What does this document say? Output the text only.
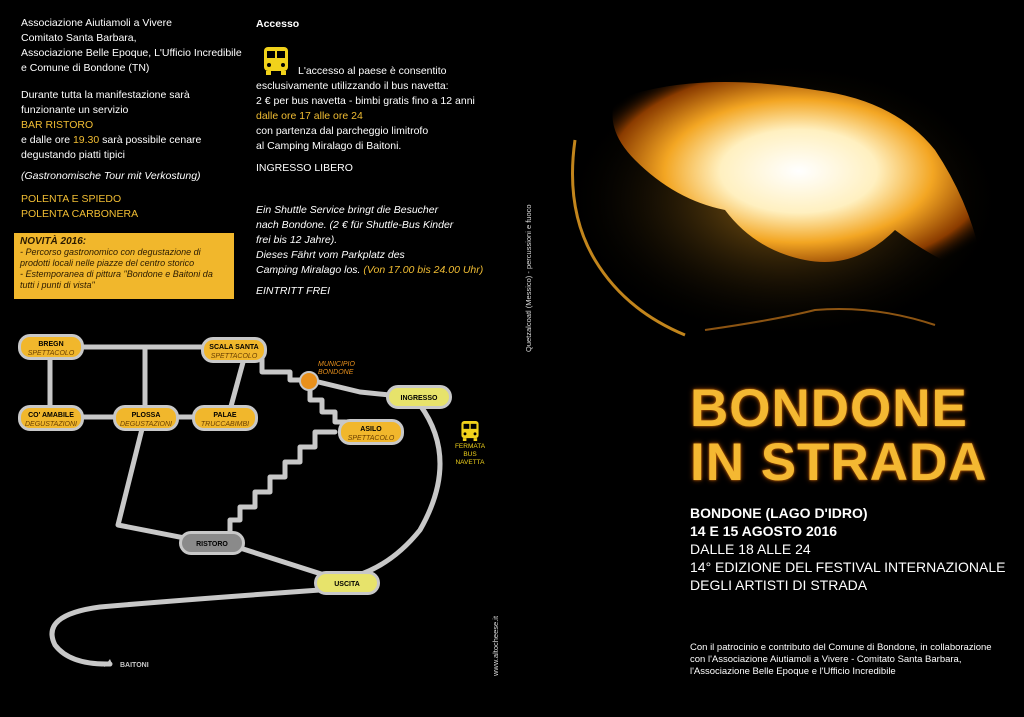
Associazione Aiutiamoli a Vivere
Comitato Santa Barbara,
Associazione Belle Epoque, L'Ufficio Incredibile
e Comune di Bondone (TN)
Durante tutta la manifestazione sarà
funzionante un servizio
BAR RISTORO
e dalle ore 19.30 sarà possibile cenare
degustando piatti tipici
(Gastronomische Tour mit Verkostung)
POLENTA E SPIEDO
POLENTA CARBONERA
NOVITÀ 2016:
- Percorso gastronomico con degustazione di prodotti locali nelle piazze del centro storico
- Estemporanea di pittura "Bondone e Baitoni da tutti i punti di vista"
Accesso
L'accesso al paese è consentito
esclusivamente utilizzando il bus navetta:
2 € per bus navetta - bimbi gratis fino a 12 anni
dalle ore 17 alle ore 24
con partenza dal parcheggio limitrofo
al Camping Miralago di Baitoni.
INGRESSO LIBERO
Ein Shuttle Service bringt die Besucher
nach Bondone. (2 € für Shuttle-Bus Kinder
frei bis 12 Jahre).
Dieses Fährt vom Parkplatz des
Camping Miralago los. (Von 17.00 bis 24.00 Uhr)
EINTRITT FREI
BREGN
SPETTACOLO
SCALA SANTA
SPETTACOLO
CO' AMABILE
DEGUSTAZIONI
PLOSSA
DEGUSTAZIONI
PALAE
TRUCCABIMBI
ASILO
SPETTACOLO
INGRESSO
RISTORO
USCITA
MUNICIPIO
BONDONE
FERMATA
BUS NAVETTA
BAITONI	www.altocheese.it
Quetzalcoatl (Messico) - percussioni e fuoco
BONDONE
IN STRADA
BONDONE (LAGO D'IDRO)
14 E 15 AGOSTO 2016
DALLE 18 ALLE 24
14° EDIZIONE DEL FESTIVAL INTERNAZIONALE
DEGLI ARTISTI DI STRADA
Con il patrocinio e contributo del Comune di Bondone, in collaborazione
con l'Associazione Aiutiamoli a Vivere - Comitato Santa Barbara,
l'Associazione Belle Epoque e l'Ufficio Incredibile
